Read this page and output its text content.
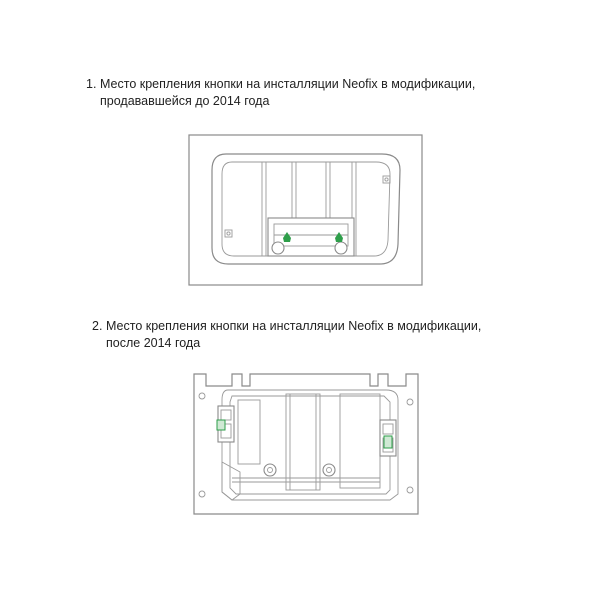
1. Место крепления кнопки на инсталляции Neofix в модификации,
продававшейся до 2014 года
2. Место крепления кнопки на инсталляции Neofix в модификации,
после 2014 года
